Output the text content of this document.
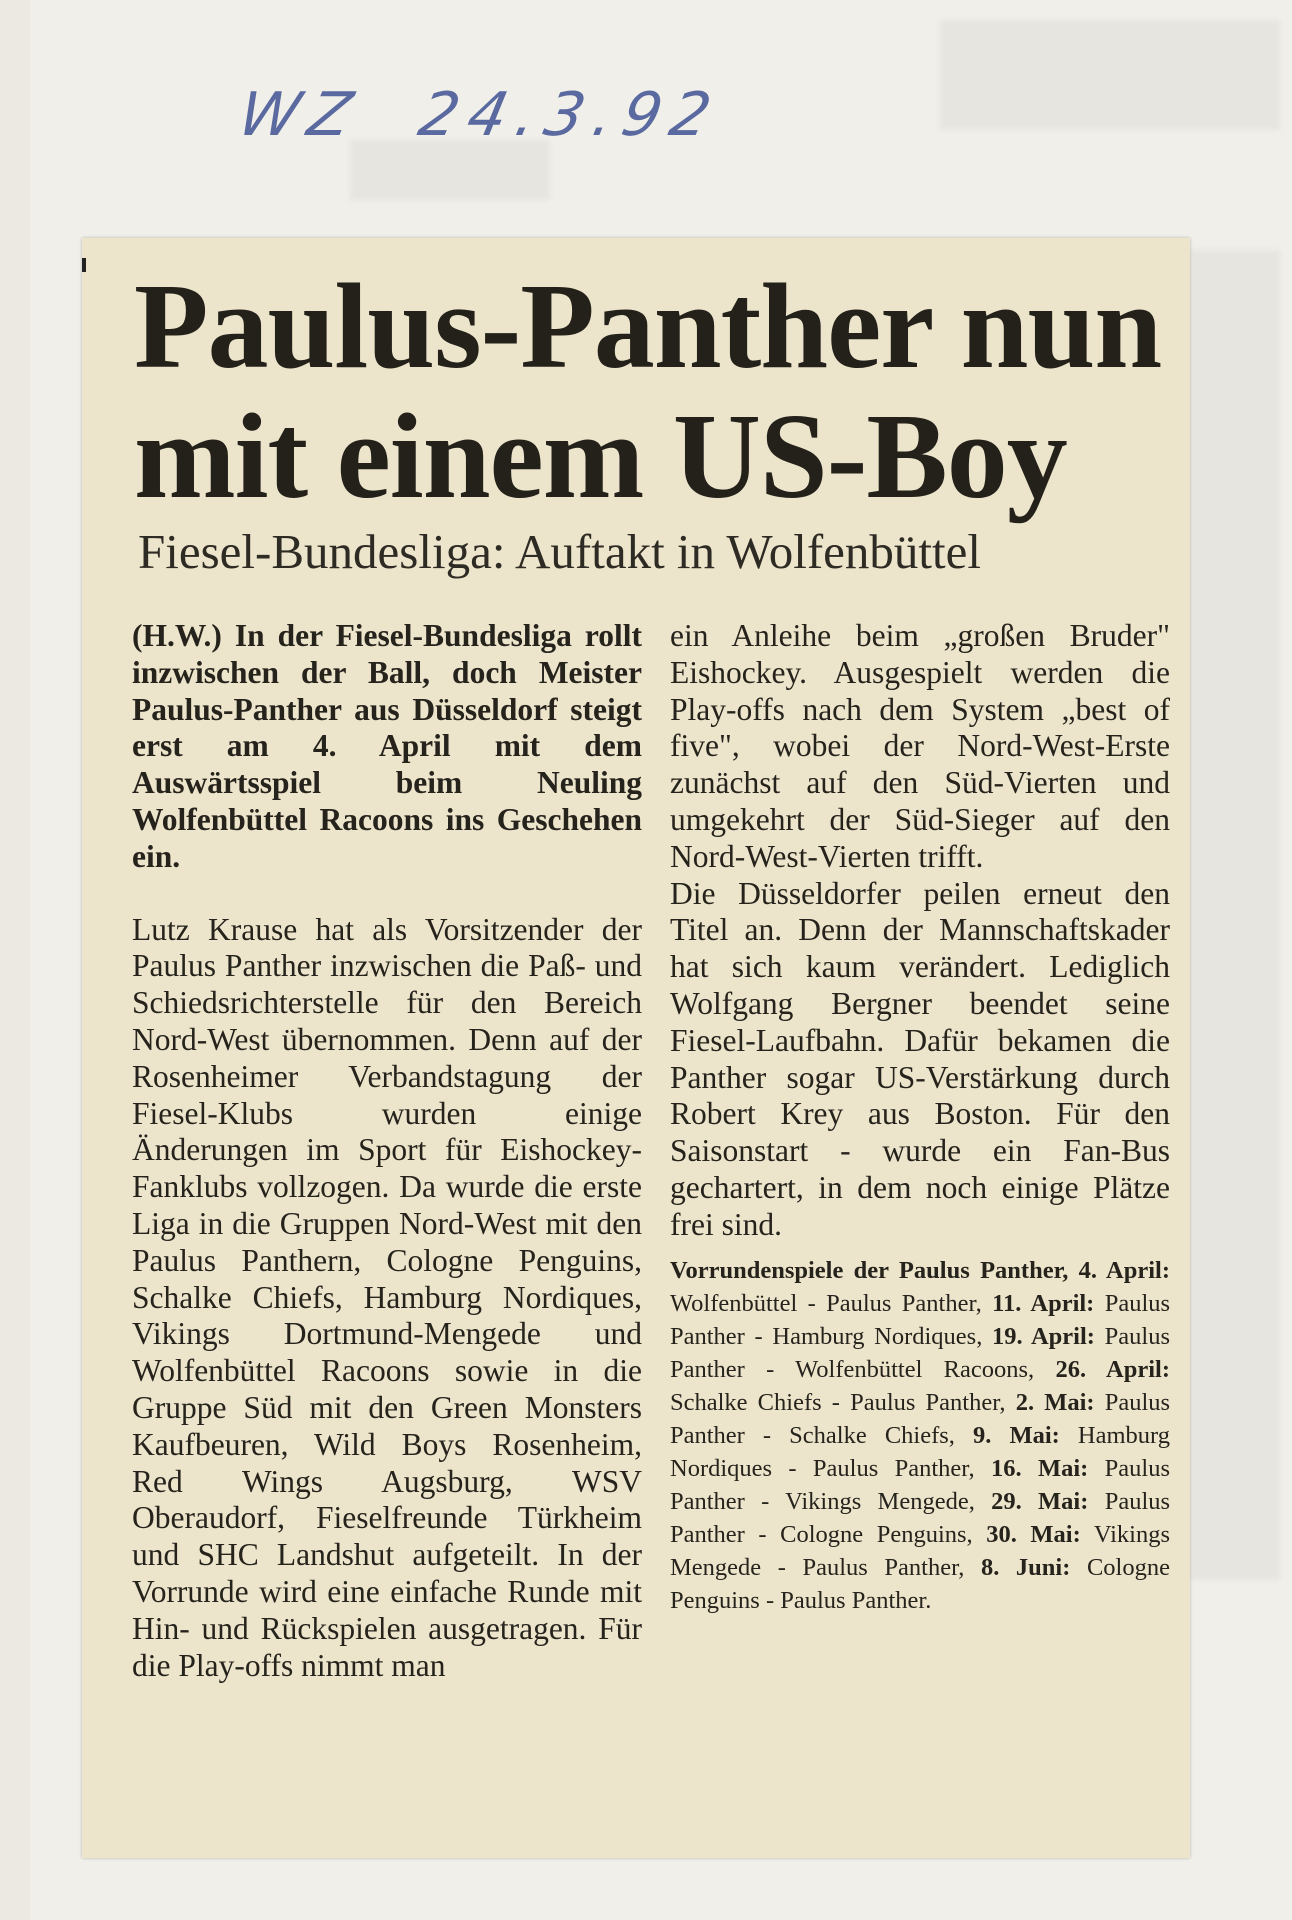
WZ 24.3.92
Paulus-Panther nun
mit einem US-Boy
Fiesel-Bundesliga: Auftakt in Wolfenbüttel

(H.W.) In der Fiesel-Bundesliga rollt inzwischen der Ball, doch Meister Paulus-Panther aus Düsseldorf steigt erst am 4. April mit dem Auswärtsspiel beim Neuling Wolfenbüttel Racoons ins Geschehen ein.

Lutz Krause hat als Vorsitzender der Paulus Panther inzwischen die Paß- und Schiedsrichterstelle für den Bereich Nord-West übernommen. Denn auf der Rosenheimer Verbandstagung der Fiesel-Klubs wurden einige Änderungen im Sport für Eishockey-Fanklubs vollzogen. Da wurde die erste Liga in die Gruppen Nord-West mit den Paulus Panthern, Cologne Penguins, Schalke Chiefs, Hamburg Nordiques, Vikings Dortmund-Mengede und Wolfenbüttel Racoons sowie in die Gruppe Süd mit den Green Monsters Kaufbeuren, Wild Boys Rosenheim, Red Wings Augsburg, WSV Oberaudorf, Fieselfreunde Türkheim und SHC Landshut aufgeteilt. In der Vorrunde wird eine einfache Runde mit Hin- und Rückspielen ausgetragen. Für die Play-offs nimmt man

ein Anleihe beim „großen Bruder" Eishockey. Ausgespielt werden die Play-offs nach dem System „best of five", wobei der Nord-West-Erste zunächst auf den Süd-Vierten und umgekehrt der Süd-Sieger auf den Nord-West-Vierten trifft.

Die Düsseldorfer peilen erneut den Titel an. Denn der Mannschaftskader hat sich kaum verändert. Lediglich Wolfgang Bergner beendet seine Fiesel-Laufbahn. Dafür bekamen die Panther sogar US-Verstärkung durch Robert Krey aus Boston. Für den Saisonstart - wurde ein Fan-Bus gechartert, in dem noch einige Plätze frei sind.

Vorrundenspiele der Paulus Panther, 4. April: Wolfenbüttel - Paulus Panther, 11. April: Paulus Panther - Hamburg Nordiques, 19. April: Paulus Panther - Wolfenbüttel Racoons, 26. April: Schalke Chiefs - Paulus Panther, 2. Mai: Paulus Panther - Schalke Chiefs, 9. Mai: Hamburg Nordiques - Paulus Panther, 16. Mai: Paulus Panther - Vikings Mengede, 29. Mai: Paulus Panther - Cologne Penguins, 30. Mai: Vikings Mengede - Paulus Panther, 8. Juni: Cologne Penguins - Paulus Panther.
